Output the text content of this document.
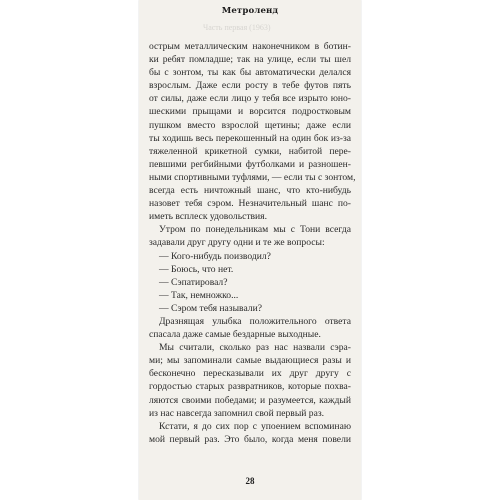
Метроленд
Часть первая (1963)
острым металлическим наконечником в ботин-
ки ребят помладше; так на улице, если ты шел
бы с зонтом, ты как бы автоматически делался
взрослым. Даже если росту в тебе футов пять
от силы, даже если лицо у тебя все изрыто юно-
шескими прыщами и ворсится подростковым
пушком вместо взрослой щетины; даже если
ты ходишь весь перекошенный на один бок из-за
тяжеленной крикетной сумки, набитой пере-
певшими регбийными футболками и разношен-
ными спортивными туфлями, — если ты с зонтом,
всегда есть ничтожный шанс, что кто-нибудь
назовет тебя сэром. Незначительный шанс по-
иметь всплеск удовольствия.
Утром по понедельникам мы с Тони всегда
задавали друг другу одни и те же вопросы:
— Кого-нибудь поизводил?
— Боюсь, что нет.
— Сэпатировал?
— Так, немножко...
— Сэром тебя называли?
Дразнящая улыбка положительного ответа
спасала даже самые бездарные выходные.
Мы считали, сколько раз нас назвали сэра-
ми; мы запоминали самые выдающиеся разы и
бесконечно пересказывали их друг другу с
гордостью старых развратников, которые похва-
ляются своими победами; и разумеется, каждый
из нас навсегда запомнил свой первый раз.
Кстати, я до сих пор с упоением вспоминаю
мой первый раз. Это было, когда меня повели
28
